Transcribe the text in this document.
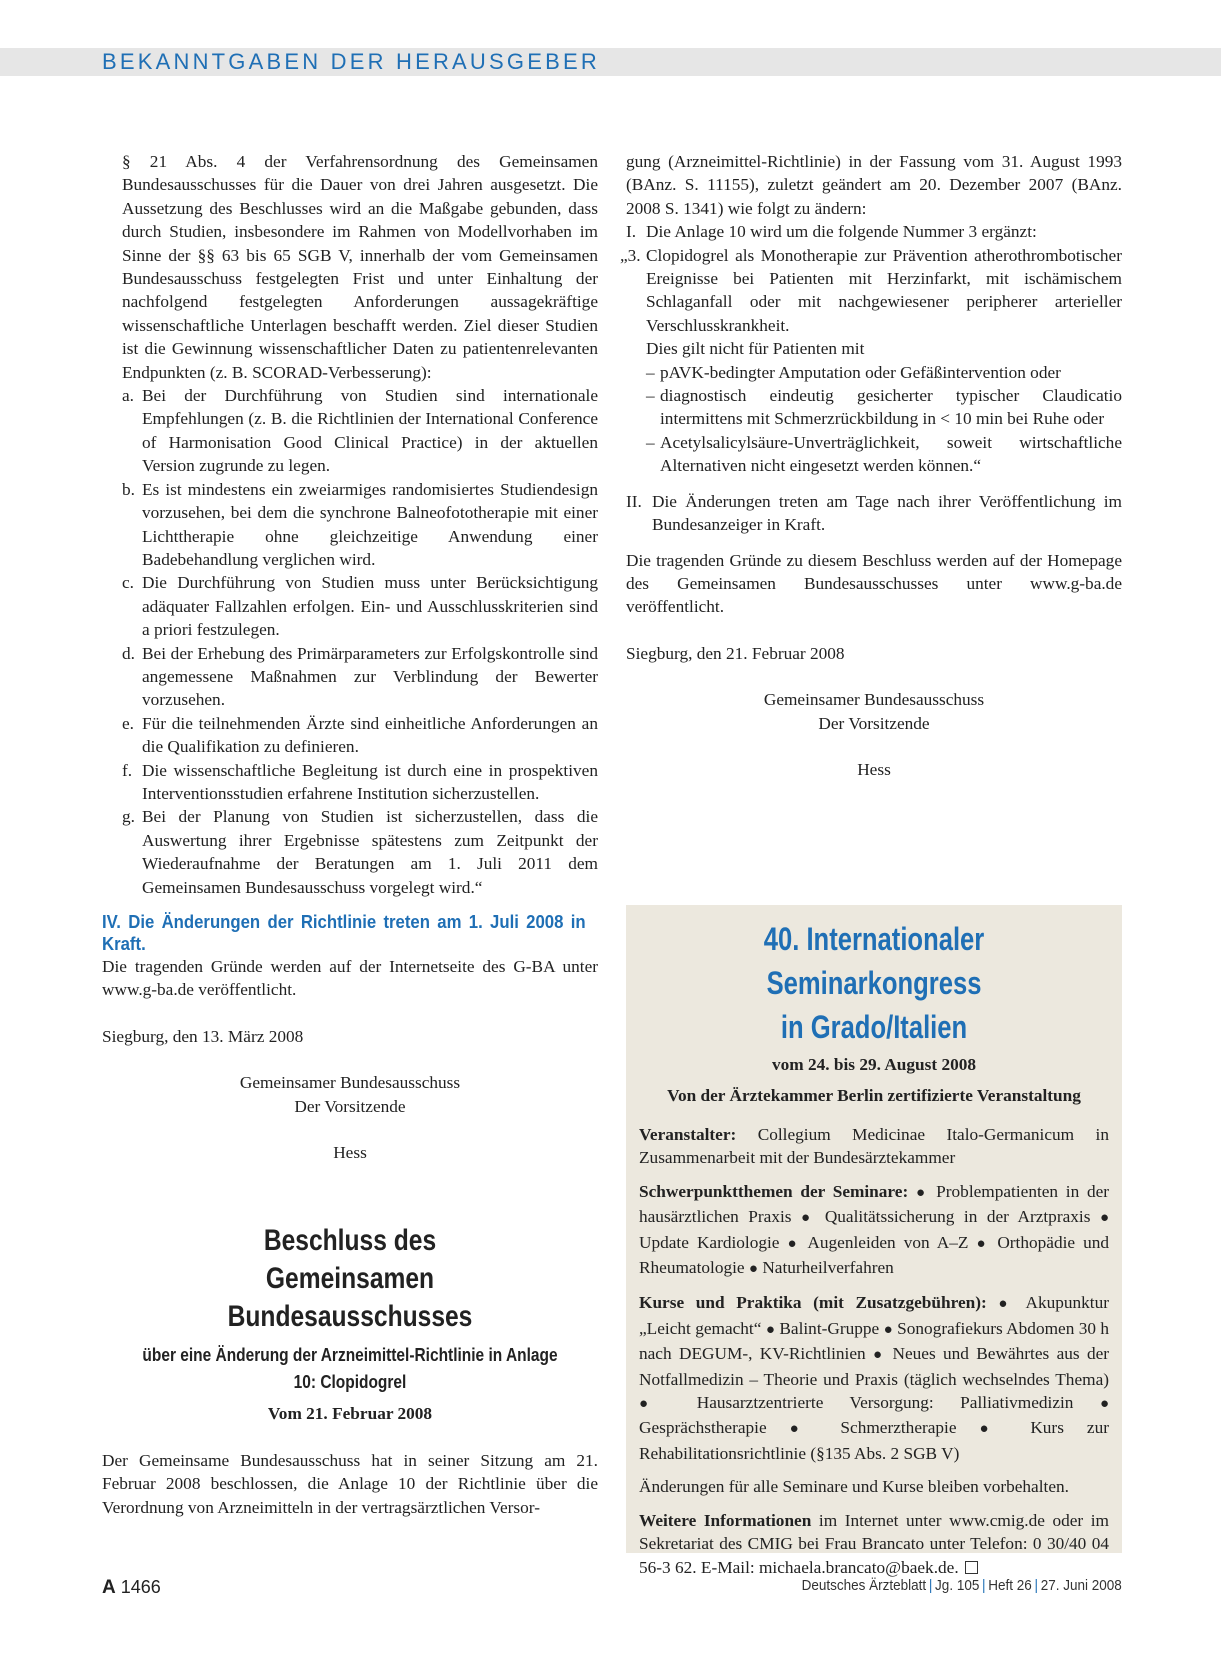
BEKANNTGABEN DER HERAUSGEBER

§ 21 Abs. 4 der Verfahrensordnung des Gemeinsamen Bundesausschusses für die Dauer von drei Jahren ausgesetzt. Die Aussetzung des Beschlusses wird an die Maßgabe gebunden, dass durch Studien, insbesondere im Rahmen von Modellvorhaben im Sinne der §§ 63 bis 65 SGB V, innerhalb der vom Gemeinsamen Bundesausschuss festgelegten Frist und unter Einhaltung der nachfolgend festgelegten Anforderungen aussagekräftige wissenschaftliche Unterlagen beschafft werden. Ziel dieser Studien ist die Gewinnung wissenschaftlicher Daten zu patientenrelevanten Endpunkten (z. B. SCORAD-Verbesserung):

a. Bei der Durchführung von Studien sind internationale Empfehlungen (z. B. die Richtlinien der International Conference of Harmonisation Good Clinical Practice) in der aktuellen Version zugrunde zu legen.
b. Es ist mindestens ein zweiarmiges randomisiertes Studiendesign vorzusehen, bei dem die synchrone Balneofototherapie mit einer Lichttherapie ohne gleichzeitige Anwendung einer Badebehandlung verglichen wird.
c. Die Durchführung von Studien muss unter Berücksichtigung adäquater Fallzahlen erfolgen. Ein- und Ausschlusskriterien sind a priori festzulegen.
d. Bei der Erhebung des Primärparameters zur Erfolgskontrolle sind angemessene Maßnahmen zur Verblindung der Bewerter vorzusehen.
e. Für die teilnehmenden Ärzte sind einheitliche Anforderungen an die Qualifikation zu definieren.
f. Die wissenschaftliche Begleitung ist durch eine in prospektiven Interventionsstudien erfahrene Institution sicherzustellen.
g. Bei der Planung von Studien ist sicherzustellen, dass die Auswertung ihrer Ergebnisse spätestens zum Zeitpunkt der Wiederaufnahme der Beratungen am 1. Juli 2011 dem Gemeinsamen Bundesausschuss vorgelegt wird.“
IV. Die Änderungen der Richtlinie treten am 1. Juli 2008 in Kraft.

Die tragenden Gründe werden auf der Internetseite des G-BA unter www.g-ba.de veröffentlicht.

Siegburg, den 13. März 2008

Gemeinsamer Bundesausschuss

Der Vorsitzende

Hess

Beschluss des
Gemeinsamen Bundesausschusses
über eine Änderung der Arzneimittel-Richtlinie in Anlage 10: Clopidogrel

Vom 21. Februar 2008

Der Gemeinsame Bundesausschuss hat in seiner Sitzung am 21. Februar 2008 beschlossen, die Anlage 10 der Richtlinie über die Verordnung von Arzneimitteln in der vertragsärztlichen Versor-

gung (Arzneimittel-Richtlinie) in der Fassung vom 31. August 1993 (BAnz. S. 11155), zuletzt geändert am 20. Dezember 2007 (BAnz. 2008 S. 1341) wie folgt zu ändern:

I. Die Anlage 10 wird um die folgende Nummer 3 ergänzt:
„3. Clopidogrel als Monotherapie zur Prävention atherothrombotischer Ereignisse bei Patienten mit Herzinfarkt, mit ischämischem Schlaganfall oder mit nachgewiesener peripherer arterieller Verschlusskrankheit.

Dies gilt nicht für Patienten mit

– pAVK-bedingter Amputation oder Gefäßintervention oder
– diagnostisch eindeutig gesicherter typischer Claudicatio intermittens mit Schmerzrückbildung in < 10 min bei Ruhe oder
– Acetylsalicylsäure-Unverträglichkeit, soweit wirtschaftliche Alternativen nicht eingesetzt werden können.“
II. Die Änderungen treten am Tage nach ihrer Veröffentlichung im Bundesanzeiger in Kraft.

Die tragenden Gründe zu diesem Beschluss werden auf der Homepage des Gemeinsamen Bundesausschusses unter www.g-ba.de veröffentlicht.

Siegburg, den 21. Februar 2008

Gemeinsamer Bundesausschuss

Der Vorsitzende

Hess

40. Internationaler Seminarkongress
in Grado/Italien
vom 24. bis 29. August 2008
Von der Ärztekammer Berlin zertifizierte Veranstaltung

Veranstalter: Collegium Medicinae Italo-Germanicum in Zusammenarbeit mit der Bundesärztekammer

Schwerpunktthemen der Seminare: ● Problempatienten in der hausärztlichen Praxis ● Qualitätssicherung in der Arztpraxis ● Update Kardiologie ● Augenleiden von A–Z ● Orthopädie und Rheumatologie ● Naturheilverfahren

Kurse und Praktika (mit Zusatzgebühren): ● Akupunktur „Leicht gemacht“ ● Balint-Gruppe ● Sonografiekurs Abdomen 30 h nach DEGUM-, KV-Richtlinien ● Neues und Bewährtes aus der Notfallmedizin – Theorie und Praxis (täglich wechselndes Thema) ● Hausarztzentrierte Versorgung: Palliativmedizin ● Gesprächstherapie ● Schmerztherapie ● Kurs zur Rehabilitationsrichtlinie (§135 Abs. 2 SGB V)

Änderungen für alle Seminare und Kurse bleiben vorbehalten.

Weitere Informationen im Internet unter www.cmig.de oder im Sekretariat des CMIG bei Frau Brancato unter Telefon: 0 30/40 04 56-3 62. E-Mail: michaela.brancato@baek.de.

A 1466	Deutsches Ärzteblatt | Jg. 105 | Heft 26 | 27. Juni 2008
